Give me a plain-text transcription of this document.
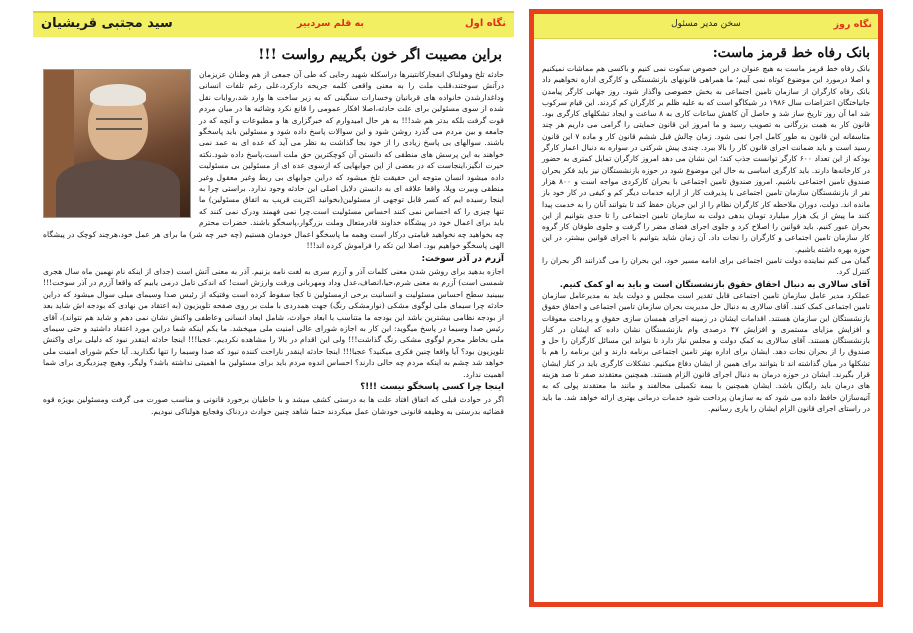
نگاه روز
سخن مدیر مسئول
بانک رفاه خط قرمز ماست:

بانک رفاه خط قرمز ماست به هیچ عنوان در این خصوص سکوت نمی کنیم و باکسی هم مماشات نمیکنیم و اصلا درمورد این موضوع کوتاه نمی آییم؛ ما همراهی قانونهای بازنشستگی و کارگری اداره نخواهیم داد بانک رفاه کارگران از سازمان تامین اجتماعی به بخش خصوصی واگذار شود. روز جهانی کارگر پیامدن جانیاختگان اعتراضات سال ۱۹۸۶ در شیکاگو است که به علیه ظلم بر کارگران کم کردند. این قیام سرکوب شد اما آن روز تاریخ ساز شد و حاصل آن کاهش ساعات کاری به ۸ ساعت و ایجاد تشکلهای کارگری بود. قانون کار به همت بزرگانی به تصویب رسید و ما امروز این قانون حمایتی را گرامی می داریم هر چند متاسفانه این قانون به طور کامل اجرا نمی شود. زمان چالش قبل ششم قانون کار و ماده ۷ این قانون رسید است و باید ضمانت اجرای قانون کار را بالا ببرد. چندی پیش شرکتی در سواره به دنبال اعمار کارگر بودکه از این تعداد ۶۰۰ کارگر توانست جذب کند؛ این نشان می دهد امروز کارگران تمایل کمتری به حضور در کارخانه‌ها دارند. باید کارگری اساسی به حال این موضوع شود در حوزه بازنشستگان نیز باید فکر بحران صندوق تامین اجتماعی باشیم. امروز صندوق تامین اجتماعی با بحران کارکردی مواجه است و ۸۰۰ هزار نفر از بازنشستگان سازمان تامین اجتماعی با پذیرفت کار از ارایه خدمات دیگر کم و کیفی در کار خود باز مانده اند. دولت، دوران ملاحظه کار کارگران نظام را از این جریان حفظ کند تا بتوانند آنان را به خدمت پیدا کنند ما پیش از یک هزار میلیارد تومان بدهی دولت به سازمان تامین اجتماعی را تا حدی بتوانیم از این بحران عبور کنیم. باید قوانین را اصلاح کرد و جلوی اجرای فضای مضر را گرفت و جلوی طوفان کار گروه کار سازمان تامین اجتماعی و کارگران را نجات داد. آن زمان شاید بتوانیم با اجرای قوانین بیشتر، در این حوزه بهره داشته باشیم.

گمان می کنم نماینده دولت تامین اجتماعی برای ادامه مسیر خود، این بحران را می گذرانند اگر بحران را کنترل کرد.

آقای سالاری به دنبال احقاق حقوق بازنشستگان است و باید به او کمک کنیم.

عملکرد مدیر عامل سازمان تامین اجتماعی قابل تقدیر است مجلس و دولت باید به مدیرعامل سازمان تامین اجتماعی کمک کنند. آقای سالاری به دنبال حل مدیریت بحران سازمان تامین اجتماعی و احقاق حقوق بازنشستگان این سازمان هستند. اقدامات ایشان در زمینه اجرای همسان سازی حقوق و پرداخت معوقات و افزایش مزایای مستمری و افزایش ۴۷ درصدی وام بازنشستگان نشان داده که ایشان در کنار بازنشستگان هستند. آقای سالاری به کمک دولت و مجلس نیاز دارد تا بتواند این مسائل کارگران را حل و صندوق را از بحران نجات دهد. ایشان برای اداره بهتر تامین اجتماعی برنامه دارند و این برنامه را هم با تشکلها در میان گذاشته اند تا بتوانند برای همین از ایشان دفاع میکنیم. تشکلات کارگری باید در کنار ایشان قرار بگیرند. ایشان در حوزه درمان به دنبال اجرای قانون الزام هستند. همچنین معتقدند صفر تا صد هزینه های درمان باید رایگان باشد. ایشان همچنین با بیمه تکمیلی مخالفند و مانند ما معتقدند پولی که به آتیه‌سازان حافظ داده می شود که به سازمان پرداخت شود خدمات درمانی بهتری ارائه خواهد شد. ما باید در راستای اجرای قانون الزام ایشان را یاری رسانیم.

نگاه اول
به قلم سردبیر
سید مجتبی قریشیان
براین مصیبت اگر خون بگرییم رواست !!!

حادثه تلخ وهولناک انفجارکانتینرها دراسکله شهید رجایی که طی آن جمعی از هم وطنان عزیزمان درآتش سوختند،قلب ملت را به معنی واقعی کلمه جریحه دارکرد،علی رغم تلفات انسانی وداغدارشدن خانواده های قربانیان وخسارات سنگینی که به زیر ساخت ها وارد شد،روایات نقل شده از سوی مسئولین برای علت حادثه،اصلا افکار عمومی را قانع نکرد وشائبه ها در میان مردم قوت گرفت بلکه بدتر هم شد!!! به هر حال امیدوارم که خبرگزاری ها و مطبوعات و آنچه که در جامعه و بین مردم می گذرد روشن شود و این سوالات پاسخ داده شود و مسئولین باید پاسخگو باشند. سوالهای بی پاسخ زیادی را از خود بجا گذاشت به نظر می آید که عده ای به عمد نمی خواهند به این پرسش های منطقی که دانستن آن کوچکترین حق ملت است،پاسخ داده شود.نکته حیرت انگیز،اینجاست که در بعضی از این جوابهایی که ازسوی عده ای از مسئولین بی مسئولیت داده میشود انسان متوجه این حقیقت تلخ میشود که دراین جوابهای بی ربط وغیر معقول وغیر منطقی وبیرت وپلا، واقعا علاقه ای به دانستن دلایل اصلی این حادثه وجود ندارد. براستی چرا به اینجا رسیده ایم که کسر قابل توجهی از مسئولین(بخوانید اکثریت قریب به اتفاق مسئولین) ما تنها چیزی را که احساس نمی کنند احساس مسئولیت است.چرا نمی فهمند ودرک نمی کنند که باید برای اعمال خود در پیشگاه خداوند قادرمتعال وملت بزرگوار،پاسخگو باشند. حضرات محترم چه بخواهید چه نخواهید قیامتی درکار است وهمه ما پاسخگو اعمال خودمان هستیم (چه خیر چه شر) ما برای هر عمل خود،هرچند کوچک در پیشگاه الهی پاسخگو خواهیم بود. اصلا این تکه را فراموش کرده اند!!!

آزرم در آذر سوخت:

اجازه بدهید برای روشن شدن معنی کلمات آذر و آزرم سری به لغت نامه بزنیم. آذر به معنی آتش است (جدای از اینکه نام نهمین ماه سال هجری شمسی است) آزرم به معنی شرم،حیا،انصاف،عدل وداد ومهربانی ورقت وارزش است! که اندکی تامل درمی یابیم که واقعا آزرم در آذر سوخت!!! بیبینید سطح احساس مسئولیت و انسانیت برخی ازمسئولین تا کجا سقوط کرده است وقتیکه از رئیس صدا وسیمای میلی سوال میشود که دراین حادثه چرا سیمای ملی لوگوی مشکی (نوارمشکی رنگ) جهت همدردی با ملت بر روی صفحه تلویزیون (به اعتقاد من نهادی که بودجه اش شاید بعد از بودجه نظامی بیشترین باشد این بودجه ما متناسب با ابعاد حوادث، شامل ابعاد انسانی وعاطفی واکنش نشان نمی دهم و شاید هم نتواند)، آقای رئیس صدا وسیما در پاسخ میگوید: این کار به اجازه شورای عالی امنیت ملی میپخشد. ما یکم اینکه شما دراین مورد اعتقاد داشتید و حتی سیمای ملی بخاطر محرم لوگوی مشکی رنگ گذاشت!!! ولی این اقدام در بالا را مشاهده نکردیم. عجبا!!! اینجا حادثه اینقدر نبود که دلیلی برای واکنش تلویزیون بود؟ آیا واقعا چنین فکری میکنید؟ عجبا!!! اینجا حادثه اینقدر ناراحت کننده نبود که صدا وسیما را تنها نگذارید. آیا حکم شورای امنیت ملی خواهد شد چشم به اینکه مردم چه حالی دارند؟ احساس اندوه مردم باید برای مسئولین ما اهمیتی نداشته باشد؟ ولیگر، وهیچ چیزدیگری برای شما اهمیت ندارد.

اینجا چرا کسی پاسخگو نیست !!!؟

اگر در حوادث قبلی که اتفاق افتاد علت ها به درستی کشف میشد و با خاطیان برخورد قانونی و مناسب صورت می گرفت ومسئولین بویژه قوه قضائیه بدرستی به وظیفه قانونی خودشان عمل میکردند حتما شاهد چنین حوادث دردناک وفجایع هولناکی نبودیم.
